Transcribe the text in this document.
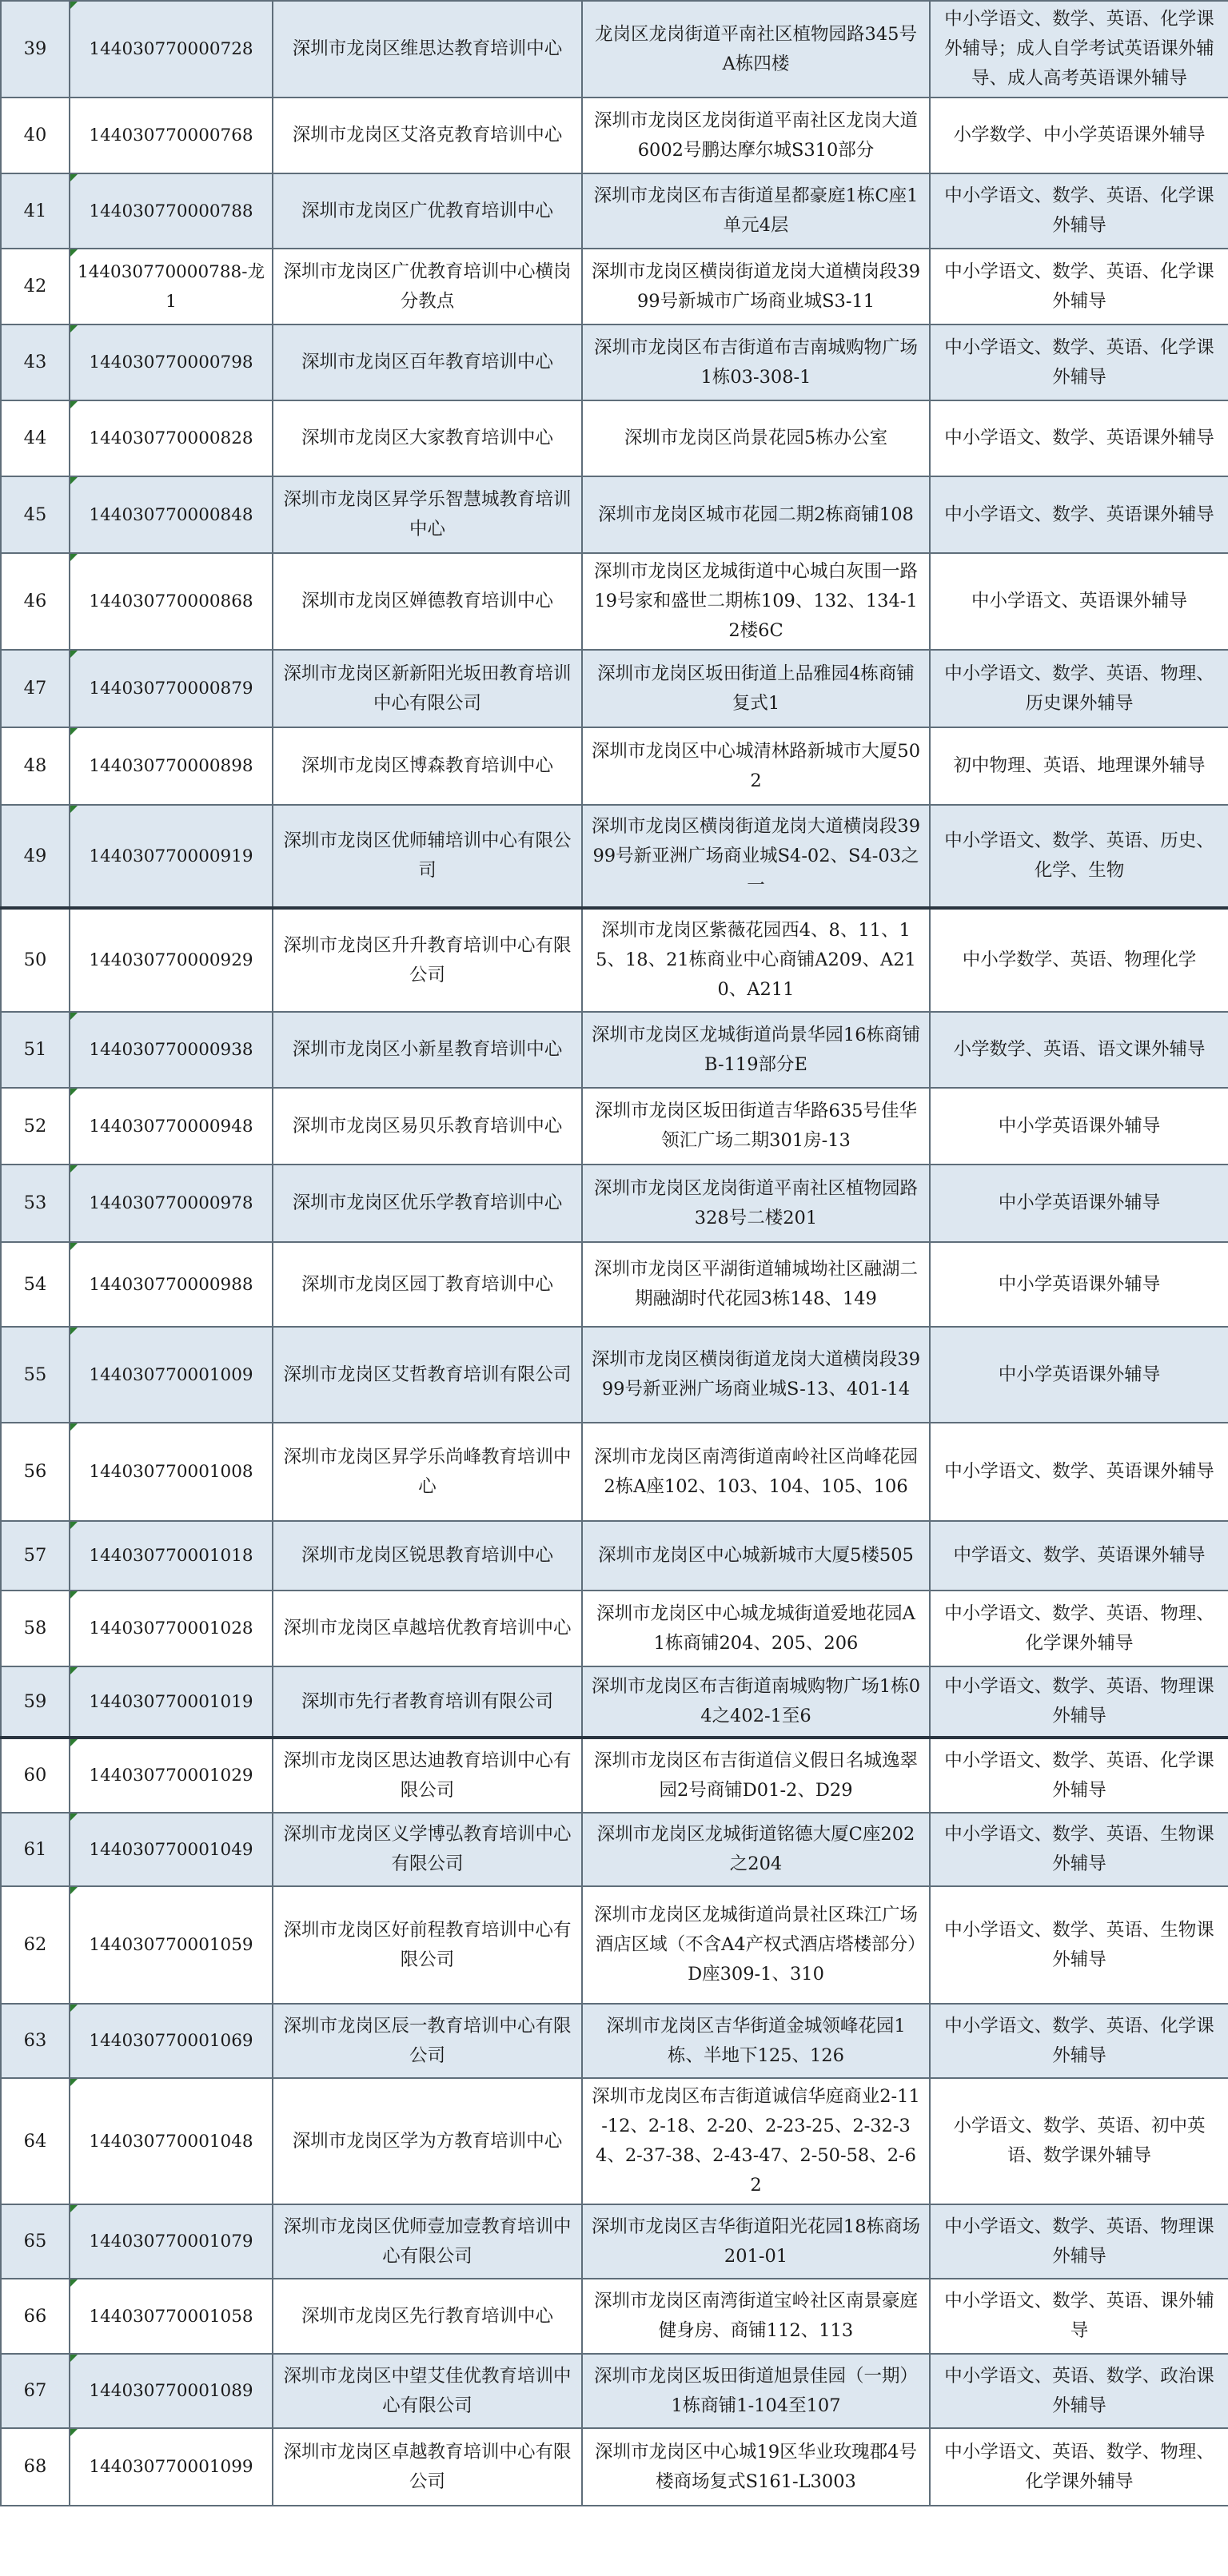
39	144030770000728	深圳市龙岗区维思达教育培训中心	龙岗区龙岗街道平南社区植物园路345号A栋四楼	中小学语文、数学、英语、化学课外辅导；成人自学考试英语课外辅导、成人高考英语课外辅导
40	144030770000768	深圳市龙岗区艾洛克教育培训中心	深圳市龙岗区龙岗街道平南社区龙岗大道6002号鹏达摩尔城S310部分	小学数学、中小学英语课外辅导
41	144030770000788	深圳市龙岗区广优教育培训中心	深圳市龙岗区布吉街道星都豪庭1栋C座1单元4层	中小学语文、数学、英语、化学课外辅导
42	144030770000788-龙1	深圳市龙岗区广优教育培训中心横岗分教点	深圳市龙岗区横岗街道龙岗大道横岗段3999号新城市广场商业城S3-11	中小学语文、数学、英语、化学课外辅导
43	144030770000798	深圳市龙岗区百年教育培训中心	深圳市龙岗区布吉街道布吉南城购物广场1栋03-308-1	中小学语文、数学、英语、化学课外辅导
44	144030770000828	深圳市龙岗区大家教育培训中心	深圳市龙岗区尚景花园5栋办公室	中小学语文、数学、英语课外辅导
45	144030770000848	深圳市龙岗区昇学乐智慧城教育培训中心	深圳市龙岗区城市花园二期2栋商铺108	中小学语文、数学、英语课外辅导
46	144030770000868	深圳市龙岗区婵德教育培训中心	深圳市龙岗区龙城街道中心城白灰围一路19号家和盛世二期栋109、132、134-1 2楼6C	中小学语文、英语课外辅导
47	144030770000879	深圳市龙岗区新新阳光坂田教育培训中心有限公司	深圳市龙岗区坂田街道上品雅园4栋商铺复式1	中小学语文、数学、英语、物理、历史课外辅导
48	144030770000898	深圳市龙岗区博森教育培训中心	深圳市龙岗区中心城清林路新城市大厦502	初中物理、英语、地理课外辅导
49	144030770000919	深圳市龙岗区优师辅培训中心有限公司	深圳市龙岗区横岗街道龙岗大道横岗段3999号新亚洲广场商业城S4-02、S4-03之一	中小学语文、数学、英语、历史、化学、生物
50	144030770000929	深圳市龙岗区升升教育培训中心有限公司	深圳市龙岗区紫薇花园西4、8、11、15、18、21栋商业中心商铺A209、A210、A211	中小学数学、英语、物理化学
51	144030770000938	深圳市龙岗区小新星教育培训中心	深圳市龙岗区龙城街道尚景华园16栋商铺B-119部分E	小学数学、英语、语文课外辅导
52	144030770000948	深圳市龙岗区易贝乐教育培训中心	深圳市龙岗区坂田街道吉华路635号佳华领汇广场二期301房-13	中小学英语课外辅导
53	144030770000978	深圳市龙岗区优乐学教育培训中心	深圳市龙岗区龙岗街道平南社区植物园路328号二楼201	中小学英语课外辅导
54	144030770000988	深圳市龙岗区园丁教育培训中心	深圳市龙岗区平湖街道辅城坳社区融湖二期融湖时代花园3栋148、149	中小学英语课外辅导
55	144030770001009	深圳市龙岗区艾哲教育培训有限公司	深圳市龙岗区横岗街道龙岗大道横岗段3999号新亚洲广场商业城S-13、401-14	中小学英语课外辅导
56	144030770001008	深圳市龙岗区昇学乐尚峰教育培训中心	深圳市龙岗区南湾街道南岭社区尚峰花园2栋A座102、103、104、105、106	中小学语文、数学、英语课外辅导
57	144030770001018	深圳市龙岗区锐思教育培训中心	深圳市龙岗区中心城新城市大厦5楼505	中学语文、数学、英语课外辅导
58	144030770001028	深圳市龙岗区卓越培优教育培训中心	深圳市龙岗区中心城龙城街道爱地花园A1栋商铺204、205、206	中小学语文、数学、英语、物理、化学课外辅导
59	144030770001019	深圳市先行者教育培训有限公司	深圳市龙岗区布吉街道南城购物广场1栋04之402-1至6	中小学语文、数学、英语、物理课外辅导
60	144030770001029	深圳市龙岗区思达迪教育培训中心有限公司	深圳市龙岗区布吉街道信义假日名城逸翠园2号商铺D01-2、D29	中小学语文、数学、英语、化学课外辅导
61	144030770001049	深圳市龙岗区义学博弘教育培训中心有限公司	深圳市龙岗区龙城街道铭德大厦C座202之204	中小学语文、数学、英语、生物课外辅导
62	144030770001059	深圳市龙岗区好前程教育培训中心有限公司	深圳市龙岗区龙城街道尚景社区珠江广场酒店区域（不含A4产权式酒店塔楼部分）D座309-1、310	中小学语文、数学、英语、生物课外辅导
63	144030770001069	深圳市龙岗区辰一教育培训中心有限公司	深圳市龙岗区吉华街道金城领峰花园1栋、半地下125、126	中小学语文、数学、英语、化学课外辅导
64	144030770001048	深圳市龙岗区学为方教育培训中心	深圳市龙岗区布吉街道诚信华庭商业2-11-12、2-18、2-20、2-23-25、2-32-34、2-37-38、2-43-47、2-50-58、2-62	小学语文、数学、英语、初中英语、数学课外辅导
65	144030770001079	深圳市龙岗区优师壹加壹教育培训中心有限公司	深圳市龙岗区吉华街道阳光花园18栋商场201-01	中小学语文、数学、英语、物理课外辅导
66	144030770001058	深圳市龙岗区先行教育培训中心	深圳市龙岗区南湾街道宝岭社区南景豪庭健身房、商铺112、113	中小学语文、数学、英语、课外辅导
67	144030770001089	深圳市龙岗区中望艾佳优教育培训中心有限公司	深圳市龙岗区坂田街道旭景佳园（一期）1栋商铺1-104至107	中小学语文、英语、数学、政治课外辅导
68	144030770001099	深圳市龙岗区卓越教育培训中心有限公司	深圳市龙岗区中心城19区华业玫瑰郡4号楼商场复式S161-L3003	中小学语文、英语、数学、物理、化学课外辅导
